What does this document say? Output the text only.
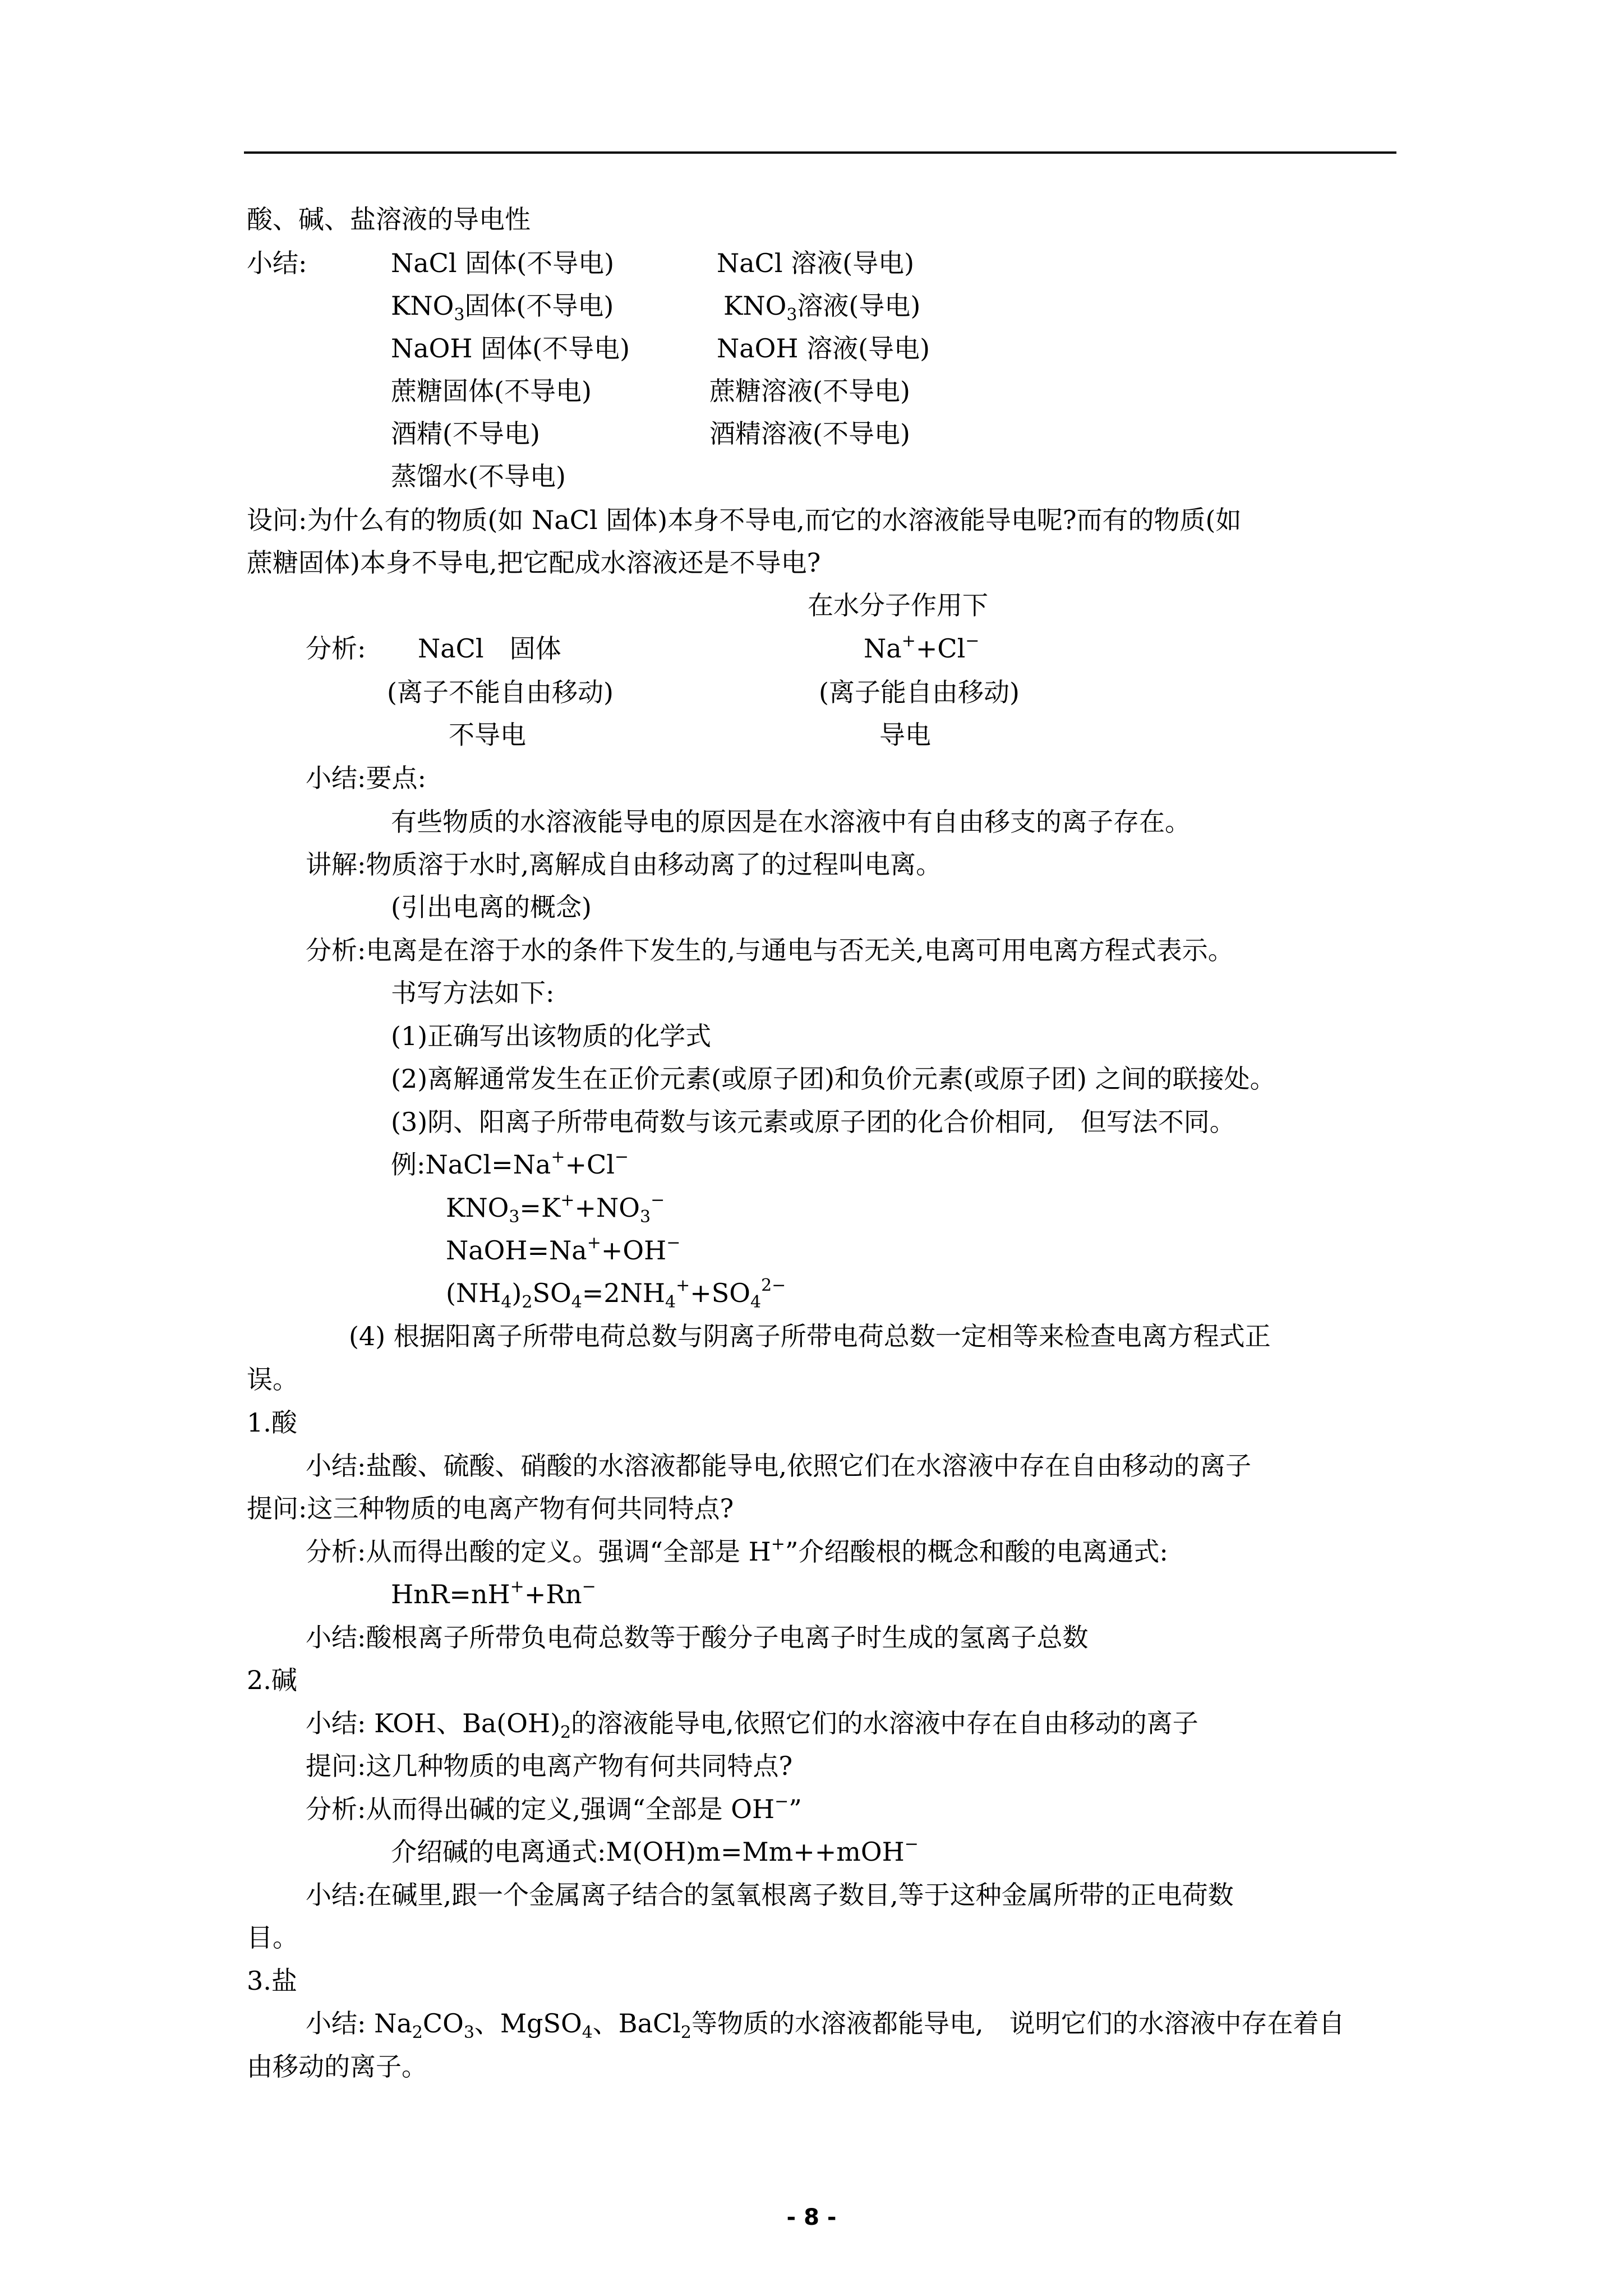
酸、碱、盐溶液的导电性
小结:	NaCl 固体(不导电)	NaCl 溶液(导电)
$KNO_3$固体(不导电)	$KNO_3$溶液(导电)
NaOH 固体(不导电)	NaOH 溶液(导电)
蔗糖固体(不导电)	蔗糖溶液(不导电)
酒精(不导电)	酒精溶液(不导电)
蒸馏水(不导电)
设问:为什么有的物质(如 NaCl 固体)本身不导电,而它的水溶液能导电呢?而有的物质(如
蔗糖固体)本身不导电,把它配成水溶液还是不导电?
在水分子作用下
分析: NaCl　固体	Na++Cl−
(离子不能自由移动)	(离子能自由移动)
不导电	导电
小结:要点:
有些物质的水溶液能导电的原因是在水溶液中有自由移支的离子存在。
讲解:物质溶于水时,离解成自由移动离了的过程叫电离。
(引出电离的概念)
分析:电离是在溶于水的条件下发生的,与通电与否无关,电离可用电离方程式表示。
书写方法如下:
(1)正确写出该物质的化学式
(2)离解通常发生在正价元素(或原子团)和负价元素(或原子团) 之间的联接处。
(3)阴、阳离子所带电荷数与该元素或原子团的化合价相同,　但写法不同。
例:NaCl=Na++Cl−
$KNO_3=K^++NO_3^-$
NaOH=Na++OH−
$(NH_4)_2SO_4=2NH_4^++SO_4^{2-}$
(4) 根据阳离子所带电荷总数与阴离子所带电荷总数一定相等来检查电离方程式正
误。
1.酸
小结:盐酸、硫酸、硝酸的水溶液都能导电,依照它们在水溶液中存在自由移动的离子
提问:这三种物质的电离产物有何共同特点?
分析:从而得出酸的定义。强调“全部是 H+”介绍酸根的概念和酸的电离通式:
HnR=nH++Rn−
小结:酸根离子所带负电荷总数等于酸分子电离子时生成的氢离子总数
2.碱
小结: KOH、$Ba(OH)_2$的溶液能导电,依照它们的水溶液中存在自由移动的离子
提问:这几种物质的电离产物有何共同特点?
分析:从而得出碱的定义,强调“全部是 OH−”
介绍碱的电离通式:M(OH)m=Mm++mOH−
小结:在碱里,跟一个金属离子结合的氢氧根离子数目,等于这种金属所带的正电荷数
目。
3.盐
小结: $Na_2CO_3$、MgSO$_4$、BaCl$_2$等物质的水溶液都能导电,　说明它们的水溶液中存在着自
由移动的离子。
- 8 -
